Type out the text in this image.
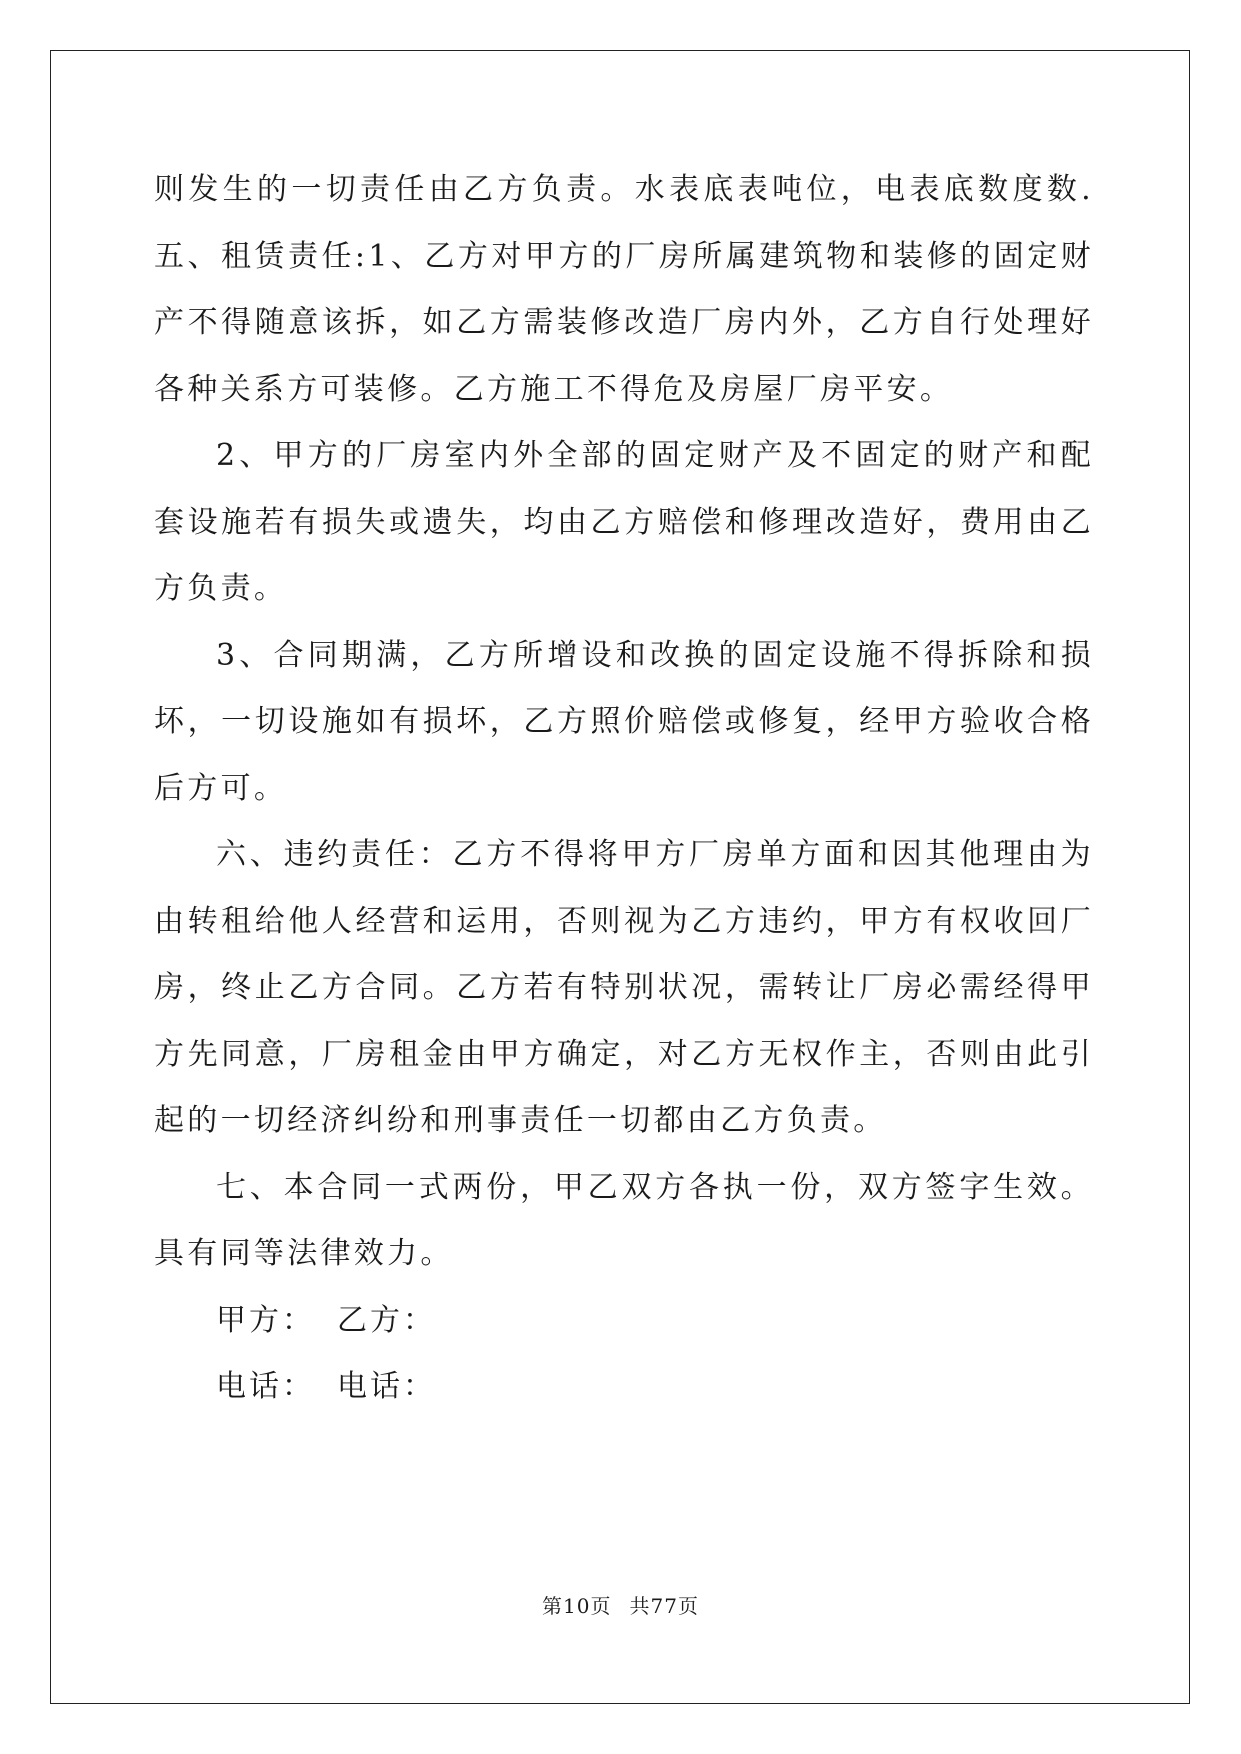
则发生的一切责任由乙方负责。水表底表吨位，电表底数度数.五、租赁责任:1、乙方对甲方的厂房所属建筑物和装修的固定财产不得随意该拆，如乙方需装修改造厂房内外，乙方自行处理好各种关系方可装修。乙方施工不得危及房屋厂房平安。

2、甲方的厂房室内外全部的固定财产及不固定的财产和配套设施若有损失或遗失，均由乙方赔偿和修理改造好，费用由乙方负责。

3、合同期满，乙方所增设和改换的固定设施不得拆除和损坏，一切设施如有损坏，乙方照价赔偿或修复，经甲方验收合格后方可。

六、违约责任：乙方不得将甲方厂房单方面和因其他理由为由转租给他人经营和运用，否则视为乙方违约，甲方有权收回厂房，终止乙方合同。乙方若有特别状况，需转让厂房必需经得甲方先同意，厂房租金由甲方确定，对乙方无权作主，否则由此引起的一切经济纠纷和刑事责任一切都由乙方负责。

七、本合同一式两份，甲乙双方各执一份，双方签字生效。具有同等法律效力。

甲方： 乙方：
电话： 电话：
第10页 共77页
